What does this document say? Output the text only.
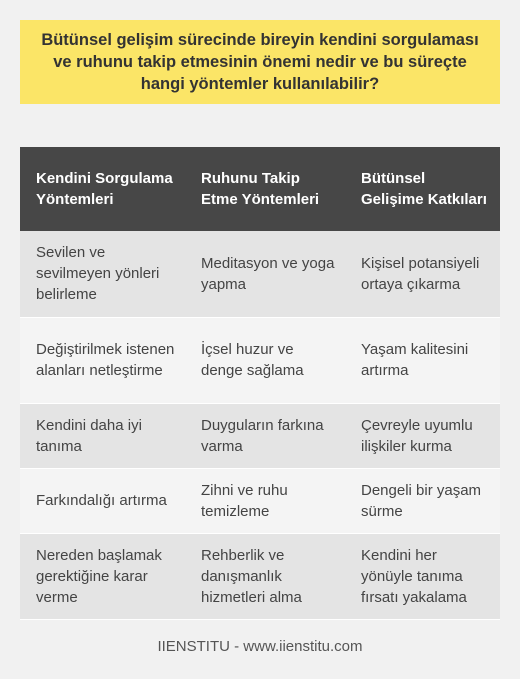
Bütünsel gelişim sürecinde bireyin kendini sorgulaması ve ruhunu takip etmesinin önemi nedir ve bu süreçte hangi yöntemler kullanılabilir?
Kendini Sorgulama Yöntemleri	Ruhunu Takip Etme Yöntemleri	Bütünsel Gelişime Katkıları
Sevilen ve sevilmeyen yönleri belirleme	Meditasyon ve yoga yapma	Kişisel potansiyeli ortaya çıkarma
Değiştirilmek istenen alanları netleştirme	İçsel huzur ve denge sağlama	Yaşam kalitesini artırma
Kendini daha iyi tanıma	Duyguların farkına varma	Çevreyle uyumlu ilişkiler kurma
Farkındalığı artırma	Zihni ve ruhu temizleme	Dengeli bir yaşam sürme
Nereden başlamak gerektiğine karar verme	Rehberlik ve danışmanlık hizmetleri alma	Kendini her yönüyle tanıma fırsatı yakalama
IIENSTITU - www.iienstitu.com
